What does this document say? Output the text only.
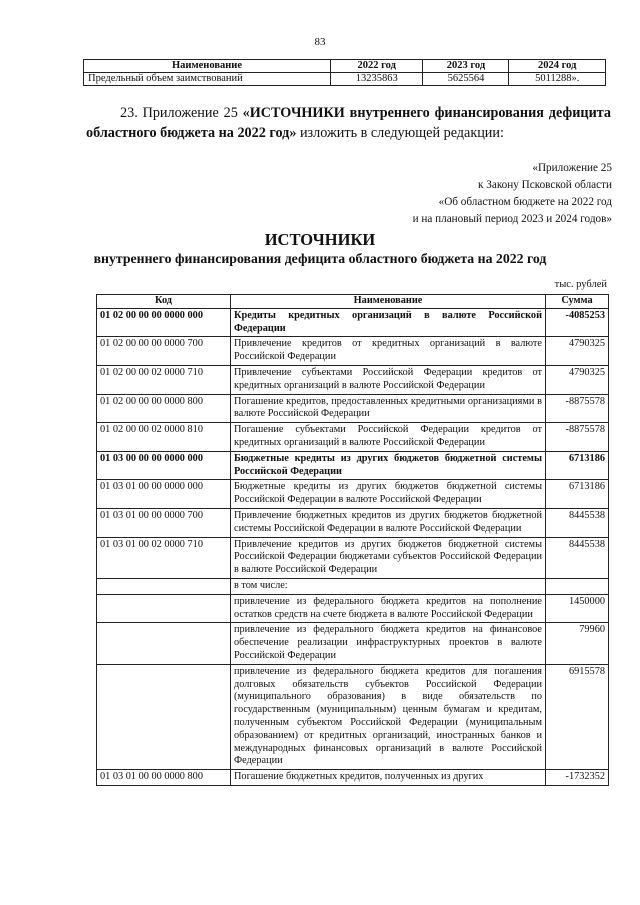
83
Наименование	2022 год	2023 год	2024 год
Предельный объем заимствований	13235863	5625564	5011288».
23. Приложение 25 «ИСТОЧНИКИ внутреннего финансирования дефицита областного бюджета на 2022 год» изложить в следующей редакции:
«Приложение 25
к Закону Псковской области
«Об областном бюджете на 2022 год
и на плановый период 2023 и 2024 годов»
ИСТОЧНИКИ
внутреннего финансирования дефицита областного бюджета на 2022 год
тыс. рублей
Код	Наименование	Сумма
01 02 00 00 00 0000 000	Кредиты кредитных организаций в валюте Российской Федерации	-4085253
01 02 00 00 00 0000 700	Привлечение кредитов от кредитных организаций в валюте Российской Федерации	4790325
01 02 00 00 02 0000 710	Привлечение субъектами Российской Федерации кредитов от кредитных организаций в валюте Российской Федерации	4790325
01 02 00 00 00 0000 800	Погашение кредитов, предоставленных кредитными организациями в валюте Российской Федерации	-8875578
01 02 00 00 02 0000 810	Погашение субъектами Российской Федерации кредитов от кредитных организаций в валюте Российской Федерации	-8875578
01 03 00 00 00 0000 000	Бюджетные кредиты из других бюджетов бюджетной системы Российской Федерации	6713186
01 03 01 00 00 0000 000	Бюджетные кредиты из других бюджетов бюджетной системы Российской Федерации в валюте Российской Федерации	6713186
01 03 01 00 00 0000 700	Привлечение бюджетных кредитов из других бюджетов бюджетной системы Российской Федерации в валюте Российской Федерации	8445538
01 03 01 00 02 0000 710	Привлечение кредитов из других бюджетов бюджетной системы Российской Федерации бюджетами субъектов Российской Федерации в валюте Российской Федерации	8445538
	в том числе:	
	привлечение из федерального бюджета кредитов на пополнение остатков средств на счете бюджета в валюте Российской Федерации	1450000
	привлечение из федерального бюджета кредитов на финансовое обеспечение реализации инфраструктурных проектов в валюте Российской Федерации	79960
	привлечение из федерального бюджета кредитов для погашения долговых обязательств субъектов Российской Федерации (муниципального образования) в виде обязательств по государственным (муниципальным) ценным бумагам и кредитам, полученным субъектом Российской Федерации (муниципальным образованием) от кредитных организаций, иностранных банков и международных финансовых организаций в валюте Российской Федерации	6915578
01 03 01 00 00 0000 800	Погашение бюджетных кредитов, полученных из других	-1732352
